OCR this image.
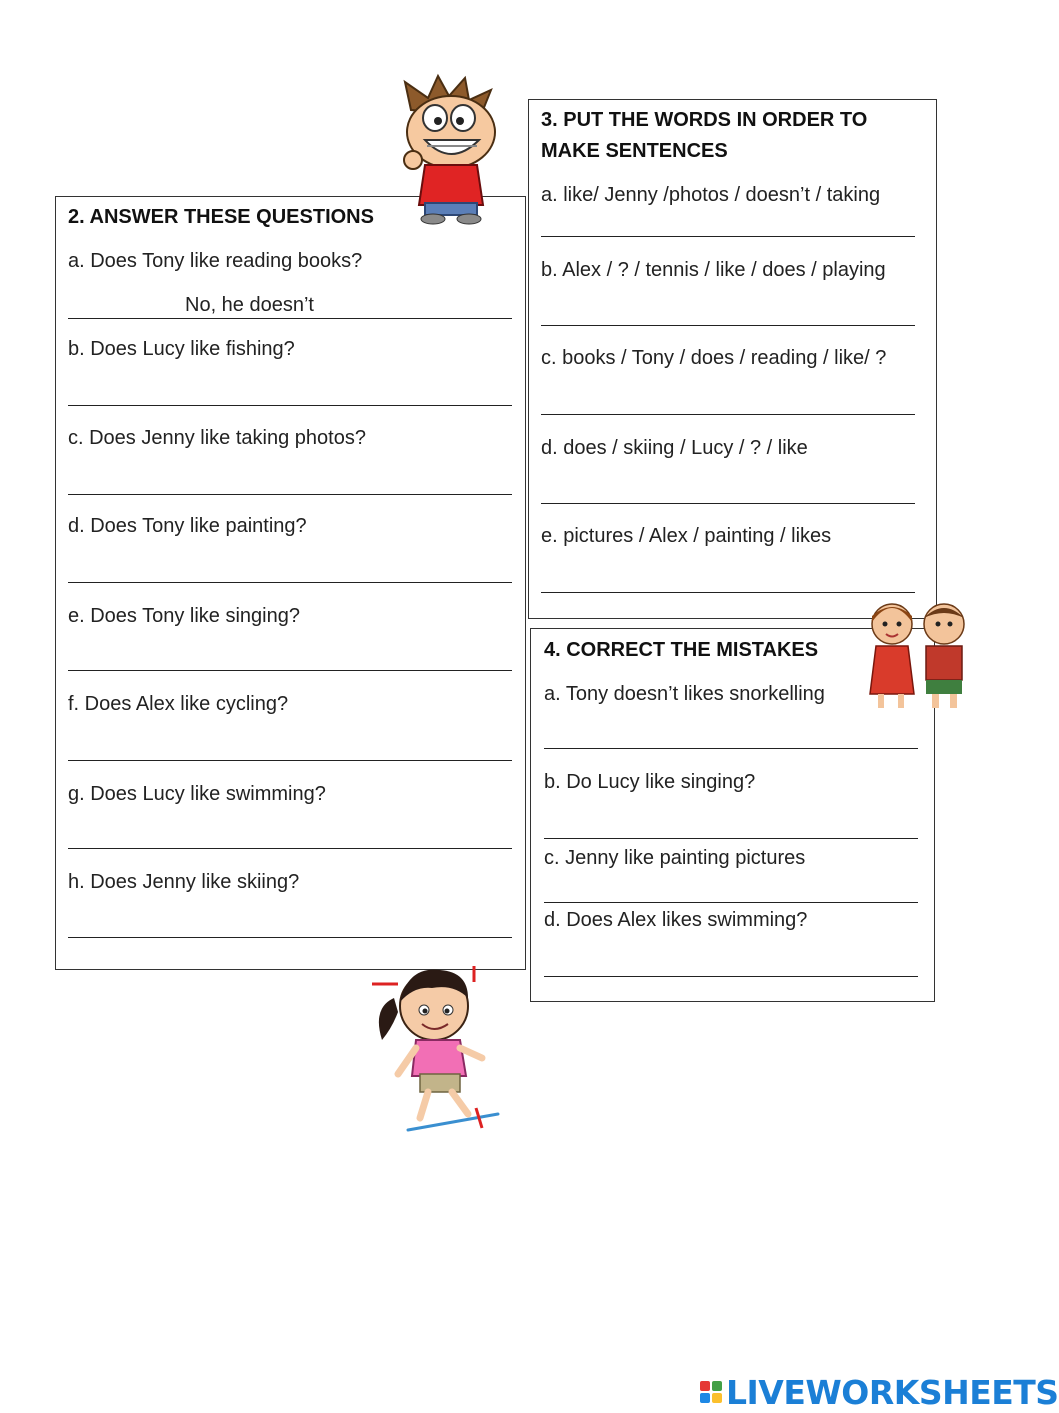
2. ANSWER THESE QUESTIONS
a. Does Tony like reading books?
No, he doesn’t
b. Does Lucy like fishing?
c. Does Jenny like taking photos?
d. Does Tony like painting?
e. Does Tony like singing?
f. Does Alex like cycling?
g. Does Lucy like swimming?
h. Does Jenny like skiing?
3. PUT THE WORDS IN ORDER TO
MAKE SENTENCES
a. like/ Jenny /photos / doesn’t / taking
b. Alex / ? / tennis / like / does / playing
c. books / Tony / does / reading / like/ ?
d. does / skiing / Lucy / ? / like
e. pictures / Alex / painting / likes
4. CORRECT THE MISTAKES
a. Tony doesn’t likes snorkelling
b. Do Lucy like singing?
c. Jenny like painting pictures
d. Does Alex likes swimming?
LIVEWORKSHEETS
